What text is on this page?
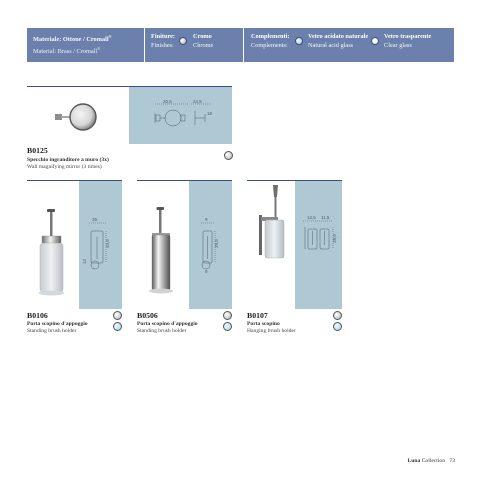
Materiale: Ottone / Cromall®
Material: Brass / Cromall®
Finiture:
Finishes:
Cromo
Chrome
Complementi:
Complements:
Vetro acidato naturale
Natural acid glass
Vetro trasparente
Clear glass
20,5	24,5
18
B0125
Specchio ingranditore a muro (3x)
Wall magnifying mirror (3 times)
35
12
43,5
B0106
Porta scopino d'appoggio
Standing brush holder
9
9
39,5
B0506
Porta scopino d'appoggio
Standing brush holder
12,5 11,5
39,5
B0107
Porta scopino
Hanging brush holder
Luna Collection 73
